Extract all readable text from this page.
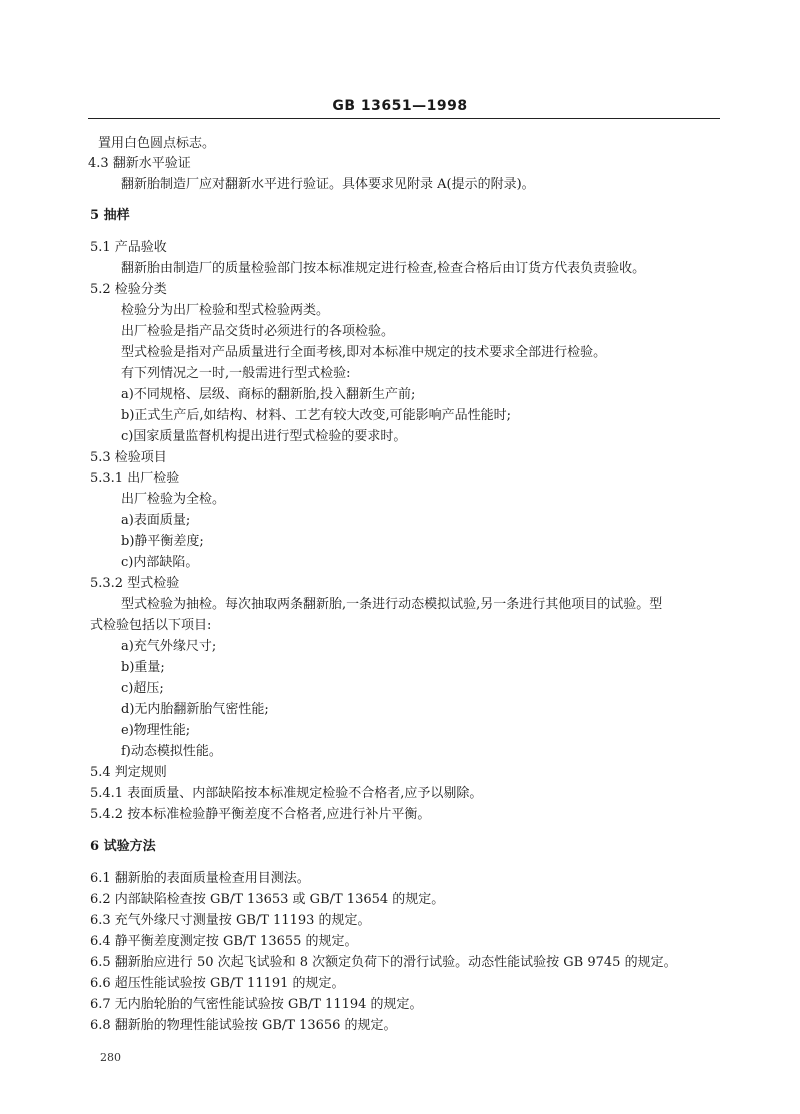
GB 13651—1998
置用白色圆点标志。
4.3 翻新水平验证
翻新胎制造厂应对翻新水平进行验证。具体要求见附录 A(提示的附录)。
5 抽样
5.1 产品验收
翻新胎由制造厂的质量检验部门按本标准规定进行检查,检查合格后由订货方代表负责验收。
5.2 检验分类
检验分为出厂检验和型式检验两类。
出厂检验是指产品交货时必须进行的各项检验。
型式检验是指对产品质量进行全面考核,即对本标准中规定的技术要求全部进行检验。
有下列情况之一时,一般需进行型式检验:
a)不同规格、层级、商标的翻新胎,投入翻新生产前;
b)正式生产后,如结构、材料、工艺有较大改变,可能影响产品性能时;
c)国家质量监督机构提出进行型式检验的要求时。
5.3 检验项目
5.3.1 出厂检验
出厂检验为全检。
a)表面质量;
b)静平衡差度;
c)内部缺陷。
5.3.2 型式检验
型式检验为抽检。每次抽取两条翻新胎,一条进行动态模拟试验,另一条进行其他项目的试验。型
式检验包括以下项目:
a)充气外缘尺寸;
b)重量;
c)超压;
d)无内胎翻新胎气密性能;
e)物理性能;
f)动态模拟性能。
5.4 判定规则
5.4.1 表面质量、内部缺陷按本标准规定检验不合格者,应予以剔除。
5.4.2 按本标准检验静平衡差度不合格者,应进行补片平衡。
6 试验方法
6.1 翻新胎的表面质量检查用目测法。
6.2 内部缺陷检查按 GB/T 13653 或 GB/T 13654 的规定。
6.3 充气外缘尺寸测量按 GB/T 11193 的规定。
6.4 静平衡差度测定按 GB/T 13655 的规定。
6.5 翻新胎应进行 50 次起飞试验和 8 次额定负荷下的滑行试验。动态性能试验按 GB 9745 的规定。
6.6 超压性能试验按 GB/T 11191 的规定。
6.7 无内胎轮胎的气密性能试验按 GB/T 11194 的规定。
6.8 翻新胎的物理性能试验按 GB/T 13656 的规定。
280
